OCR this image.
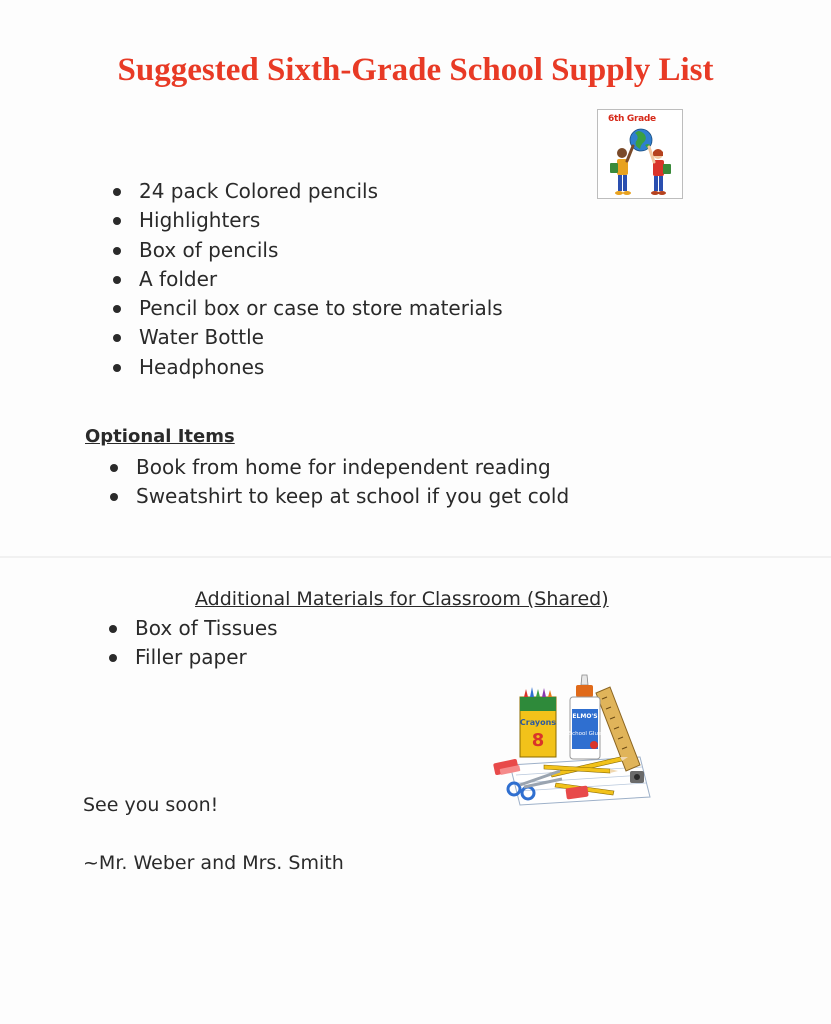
Suggested Sixth-Grade School Supply List
6th Grade
24 pack Colored pencils
Highlighters
Box of pencils
A folder
Pencil box or case to store materials
Water Bottle
Headphones
Optional Items
Book from home for independent reading
Sweatshirt to keep at school if you get cold
Additional Materials for Classroom (Shared)
Box of Tissues
Filler paper
Crayons
8
ELMO'S
School Glue
See you soon!
~Mr. Weber and Mrs. Smith
